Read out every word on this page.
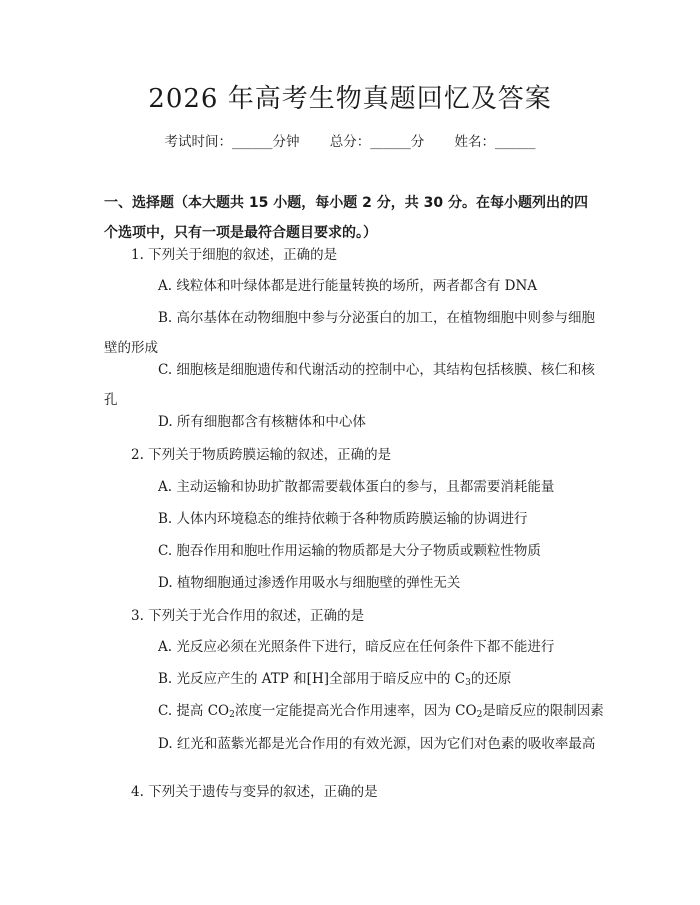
2026 年高考生物真题回忆及答案
考试时间：______分钟 总分：______分 姓名：______
一、选择题（本大题共 15 小题，每小题 2 分，共 30 分。在每小题列出的四个选项中，只有一项是最符合题目要求的。）
1. 下列关于细胞的叙述，正确的是
A. 线粒体和叶绿体都是进行能量转换的场所，两者都含有 DNA
B. 高尔基体在动物细胞中参与分泌蛋白的加工，在植物细胞中则参与细胞壁的形成
C. 细胞核是细胞遗传和代谢活动的控制中心，其结构包括核膜、核仁和核孔
D. 所有细胞都含有核糖体和中心体
2. 下列关于物质跨膜运输的叙述，正确的是
A. 主动运输和协助扩散都需要载体蛋白的参与，且都需要消耗能量
B. 人体内环境稳态的维持依赖于各种物质跨膜运输的协调进行
C. 胞吞作用和胞吐作用运输的物质都是大分子物质或颗粒性物质
D. 植物细胞通过渗透作用吸水与细胞壁的弹性无关
3. 下列关于光合作用的叙述，正确的是
A. 光反应必须在光照条件下进行，暗反应在任何条件下都不能进行
B. 光反应产生的 ATP 和[H]全部用于暗反应中的 $C_3$的还原
C. 提高 $CO_2$浓度一定能提高光合作用速率，因为 $CO_2$是暗反应的限制因素
D. 红光和蓝紫光都是光合作用的有效光源，因为它们对色素的吸收率最高
4. 下列关于遗传与变异的叙述，正确的是
